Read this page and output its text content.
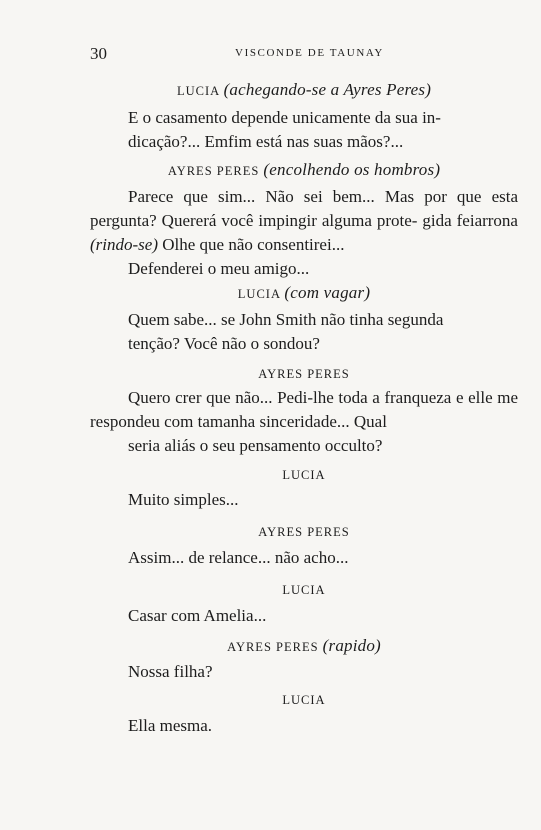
30	VISCONDE DE TAUNAY
LUCIA (achegando-se a Ayres Peres)

E o casamento depende unicamente da sua in-
dicação?... Emfim está nas suas mãos?...

AYRES PERES (encolhendo os hombros)

Parece que sim... Não sei bem... Mas por que esta pergunta? Quererá você impingir alguma prote- gida feiarrona (rindo-se) Olhe que não consentirei...
Defenderei o meu amigo...

LUCIA (com vagar)

Quem sabe... se John Smith não tinha segunda
tenção? Você não o sondou?

AYRES PERES

Quero crer que não... Pedi-lhe toda a franqueza e elle me respondeu com tamanha sinceridade... Qual
seria aliás o seu pensamento occulto?

LUCIA
Muito simples...
AYRES PERES
Assim... de relance... não acho...
LUCIA
Casar com Amelia...
AYRES PERES (rapido)
Nossa filha?
LUCIA
Ella mesma.
